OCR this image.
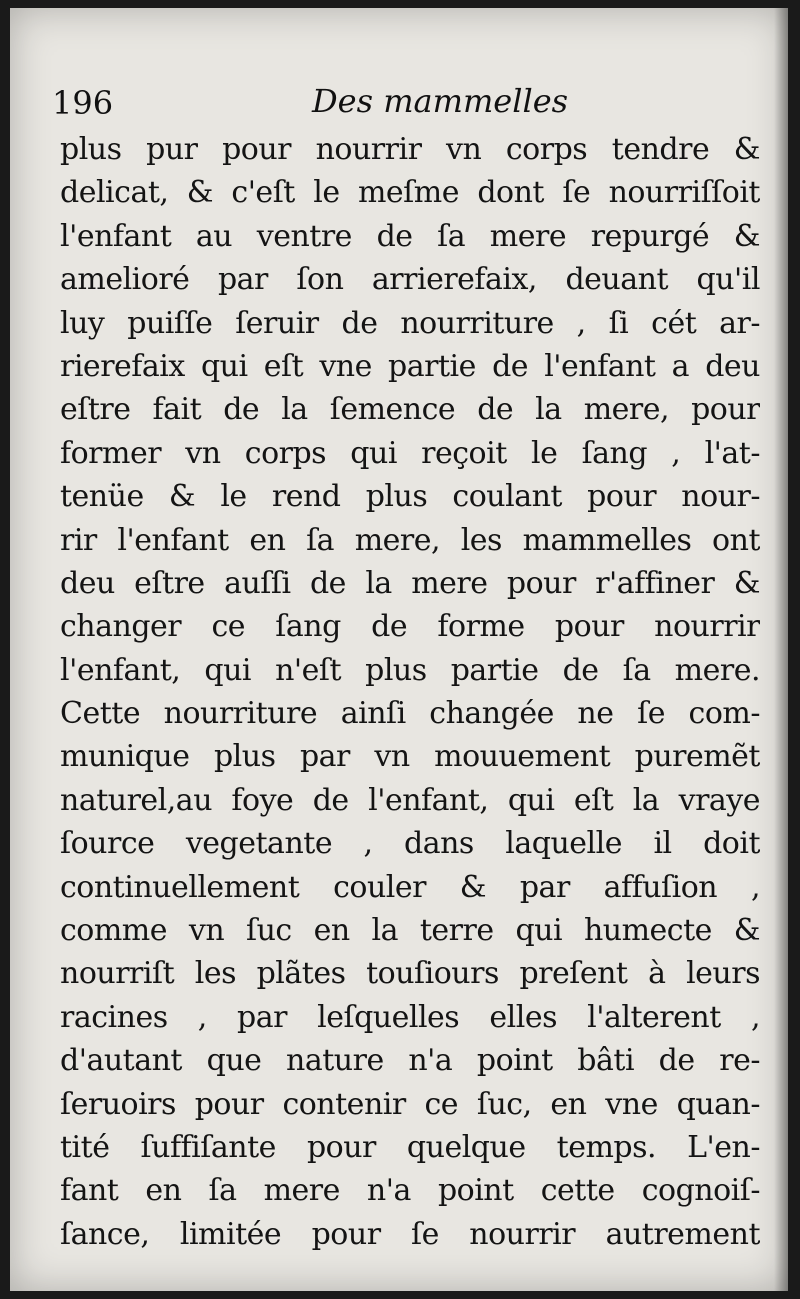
196	Des mammelles
plus pur pour nourrir vn corps tendre &
delicat, & c'eſt le meſme dont ſe nourriſſoit
l'enfant au ventre de ſa mere repurgé &
amelioré par ſon arrierefaix, deuant qu'il
luy puiſſe ſeruir de nourriture , ſi cét ar-
rierefaix qui eſt vne partie de l'enfant a deu
eſtre fait de la ſemence de la mere, pour
former vn corps qui reçoit le ſang , l'at-
tenüe & le rend plus coulant pour nour-
rir l'enfant en ſa mere, les mammelles ont
deu eſtre auſſi de la mere pour r'affiner &
changer ce ſang de forme pour nourrir
l'enfant, qui n'eſt plus partie de ſa mere.
Cette nourriture ainſi changée ne ſe com-
munique plus par vn mouuement puremẽt
naturel,au foye de l'enfant, qui eſt la vraye
ſource vegetante , dans laquelle il doit
continuellement couler & par affuſion ,
comme vn ſuc en la terre qui humecte &
nourriſt les plãtes touſiours preſent à leurs
racines , par leſquelles elles l'alterent ,
d'autant que nature n'a point bâti de re-
ſeruoirs pour contenir ce ſuc, en vne quan-
tité ſuffiſante pour quelque temps. L'en-
fant en ſa mere n'a point cette cognoiſ-
ſance, limitée pour ſe nourrir autrement
